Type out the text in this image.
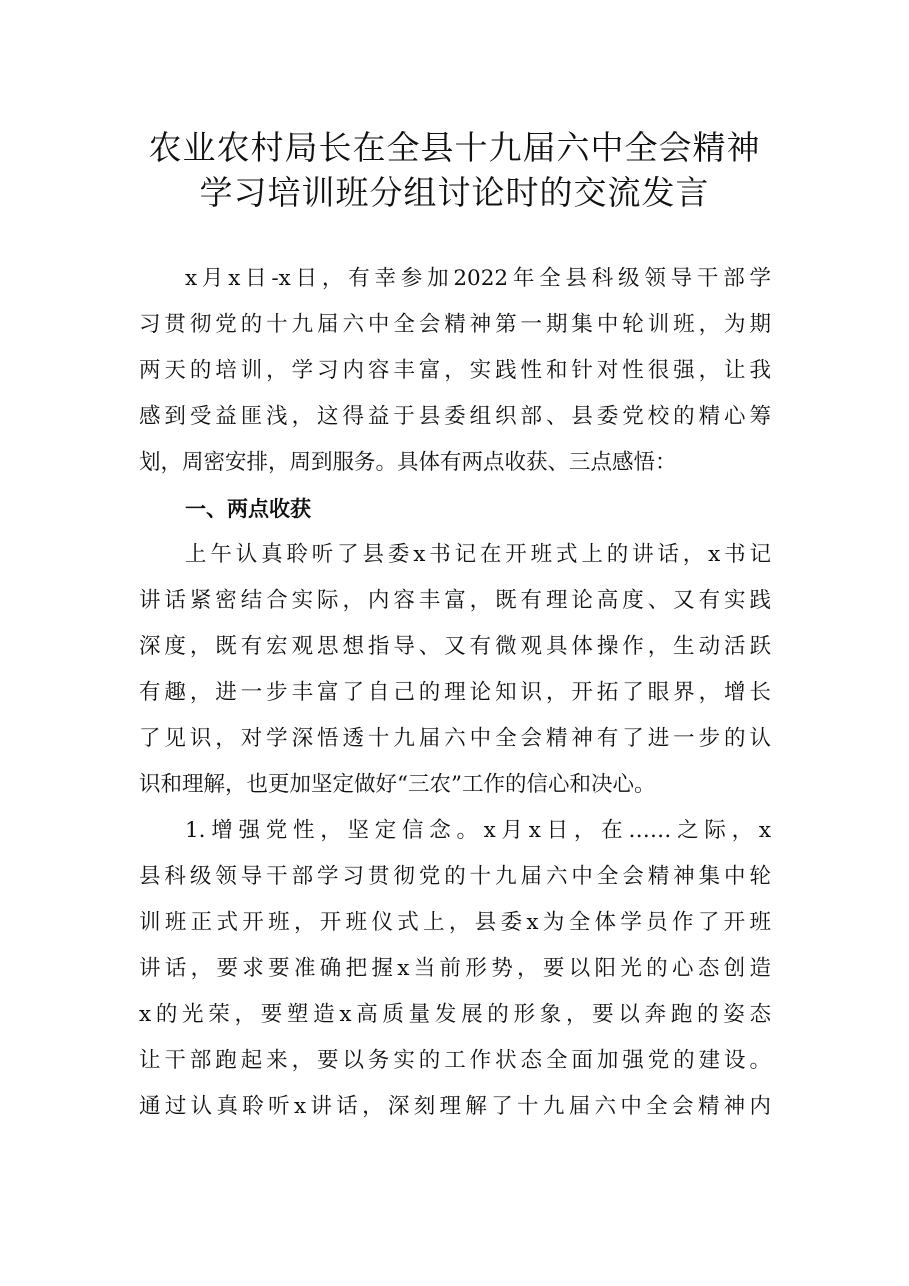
农业农村局长在全县十九届六中全会精神
学习培训班分组讨论时的交流发言
x月x日-x日，有幸参加2022年全县科级领导干部学
习贯彻党的十九届六中全会精神第一期集中轮训班，为期
两天的培训，学习内容丰富，实践性和针对性很强，让我
感到受益匪浅，这得益于县委组织部、县委党校的精心筹
划，周密安排，周到服务。具体有两点收获、三点感悟：
一、两点收获
上午认真聆听了县委x书记在开班式上的讲话，x书记
讲话紧密结合实际，内容丰富，既有理论高度、又有实践
深度，既有宏观思想指导、又有微观具体操作，生动活跃
有趣，进一步丰富了自己的理论知识，开拓了眼界，增长
了见识，对学深悟透十九届六中全会精神有了进一步的认
识和理解，也更加坚定做好“三农”工作的信心和决心。
1.增强党性，坚定信念。x月x日，在……之际，x
县科级领导干部学习贯彻党的十九届六中全会精神集中轮
训班正式开班，开班仪式上，县委x为全体学员作了开班
讲话，要求要准确把握x当前形势，要以阳光的心态创造
x的光荣，要塑造x高质量发展的形象，要以奔跑的姿态
让干部跑起来，要以务实的工作状态全面加强党的建设。
通过认真聆听x讲话，深刻理解了十九届六中全会精神内
